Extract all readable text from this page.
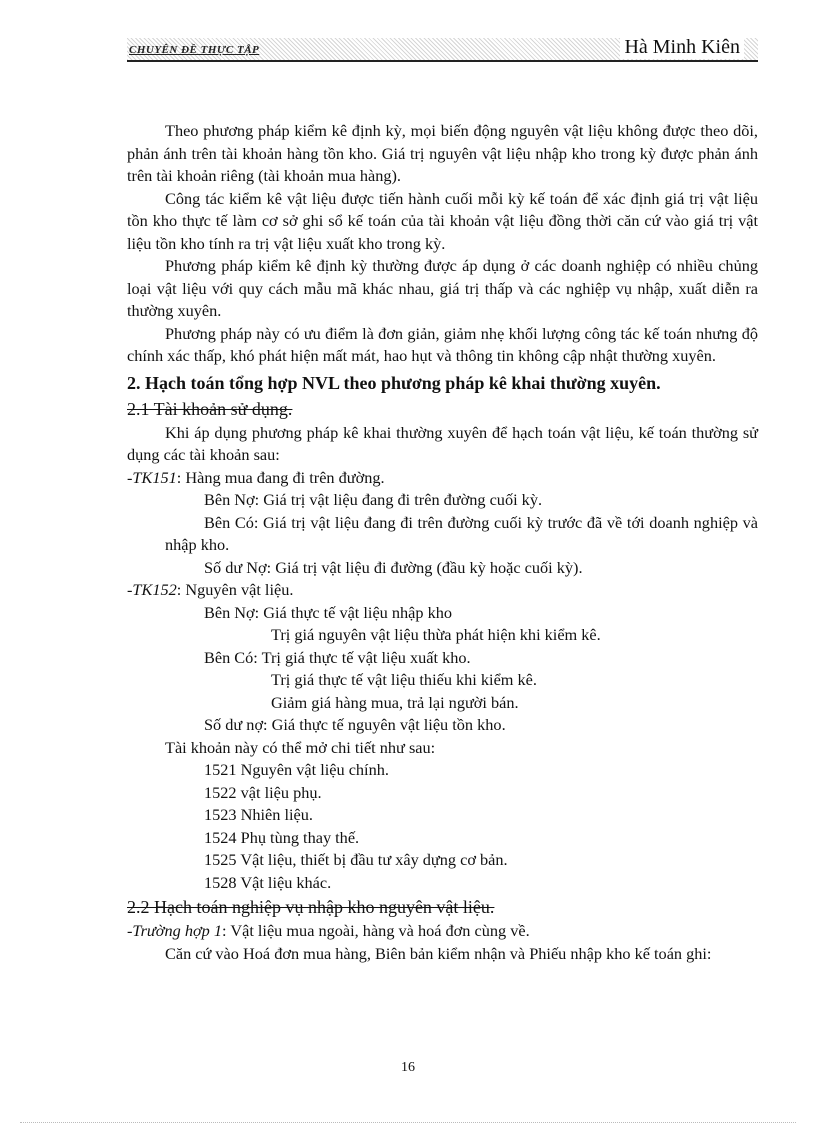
CHUYÊN ĐỀ THỰC TẬP	Hà Minh Kiên

Theo phương pháp kiểm kê định kỳ, mọi biến động nguyên vật liệu không được theo dõi, phản ánh trên tài khoản hàng tồn kho. Giá trị nguyên vật liệu nhập kho trong kỳ được phản ánh trên tài khoản riêng (tài khoản mua hàng).

Công tác kiểm kê vật liệu được tiến hành cuối mỗi kỳ kế toán để xác định giá trị vật liệu tồn kho thực tế làm cơ sở ghi sổ kế toán của tài khoản vật liệu đồng thời căn cứ vào giá trị vật liệu tồn kho tính ra trị vật liệu xuất kho trong kỳ.

Phương pháp kiểm kê định kỳ thường được áp dụng ở các doanh nghiệp có nhiều chủng loại vật liệu với quy cách mẫu mã khác nhau, giá trị thấp và các nghiệp vụ nhập, xuất diễn ra thường xuyên.

Phương pháp này có ưu điểm là đơn giản, giảm nhẹ khối lượng công tác kế toán nhưng độ chính xác thấp, khó phát hiện mất mát, hao hụt và thông tin không cập nhật thường xuyên.

2. Hạch toán tổng hợp NVL theo phương pháp kê khai thường xuyên.
2.1 Tài khoản sử dụng.

Khi áp dụng phương pháp kê khai thường xuyên để hạch toán vật liệu, kế toán thường sử dụng các tài khoản sau:

-TK151: Hàng mua đang đi trên đường.

Bên Nợ: Giá trị vật liệu đang đi trên đường cuối kỳ.

Bên Có: Giá trị vật liệu đang đi trên đường cuối kỳ trước đã về tới doanh nghiệp và nhập kho.

Số dư Nợ: Giá trị vật liệu đi đường (đầu kỳ hoặc cuối kỳ).

-TK152: Nguyên vật liệu.

Bên Nợ: Giá thực tế vật liệu nhập kho

Trị giá nguyên vật liệu thừa phát hiện khi kiểm kê.

Bên Có: Trị giá thực tế vật liệu xuất kho.

Trị giá thực tế vật liệu thiếu khi kiểm kê.

Giảm giá hàng mua, trả lại người bán.

Số dư nợ: Giá thực tế nguyên vật liệu tồn kho.

Tài khoản này có thể mở chi tiết như sau:

1521 Nguyên vật liệu chính.

1522 vật liệu phụ.

1523 Nhiên liệu.

1524 Phụ tùng thay thế.

1525 Vật liệu, thiết bị đầu tư xây dựng cơ bản.

1528 Vật liệu khác.

2.2 Hạch toán nghiệp vụ nhập kho nguyên vật liệu.

-Trường hợp 1: Vật liệu mua ngoài, hàng và hoá đơn cùng về.

Căn cứ vào Hoá đơn mua hàng, Biên bản kiểm nhận và Phiếu nhập kho kế toán ghi:

16
